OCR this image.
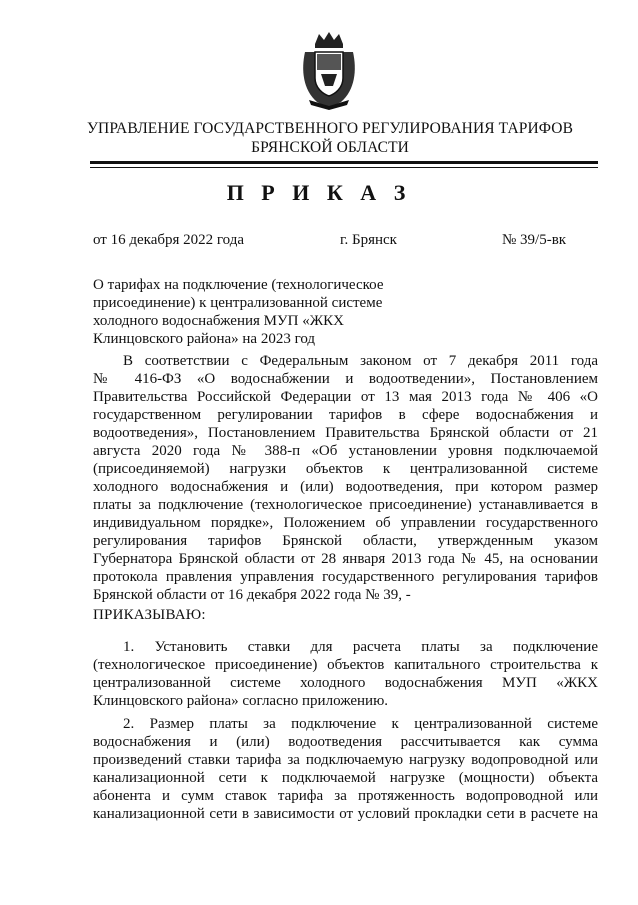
УПРАВЛЕНИЕ ГОСУДАРСТВЕННОГО РЕГУЛИРОВАНИЯ ТАРИФОВ
БРЯНСКОЙ ОБЛАСТИ
П Р И К А З
от 16 декабря 2022 года	г. Брянск	№ 39/5-вк
О тарифах на подключение (технологическое
присоединение) к централизованной системе
холодного водоснабжения МУП «ЖКХ
Клинцовского района» на 2023 год
В соответствии с Федеральным законом от 7 декабря 2011 года
№ 416-ФЗ «О водоснабжении и водоотведении», Постановлением
Правительства Российской Федерации от 13 мая 2013 года № 406 «О
государственном регулировании тарифов в сфере водоснабжения и
водоотведения», Постановлением Правительства Брянской области от 21
августа 2020 года № 388-п «Об установлении уровня подключаемой
(присоединяемой) нагрузки объектов к централизованной системе
холодного водоснабжения и (или) водоотведения, при котором размер
платы за подключение (технологическое присоединение) устанавливается в
индивидуальном порядке», Положением об управлении государственного
регулирования тарифов Брянской области, утвержденным указом
Губернатора Брянской области от 28 января 2013 года № 45, на основании
протокола правления управления государственного регулирования тарифов
Брянской области от 16 декабря 2022 года № 39, -
ПРИКАЗЫВАЮ:
1. Установить ставки для расчета платы за подключение
(технологическое присоединение) объектов капитального строительства к
централизованной системе холодного водоснабжения МУП «ЖКХ
Клинцовского района» согласно приложению.
2. Размер платы за подключение к централизованной системе
водоснабжения и (или) водоотведения рассчитывается как сумма
произведений ставки тарифа за подключаемую нагрузку водопроводной или
канализационной сети к подключаемой нагрузке (мощности) объекта
абонента и сумм ставок тарифа за протяженность водопроводной или
канализационной сети в зависимости от условий прокладки сети в расчете на
